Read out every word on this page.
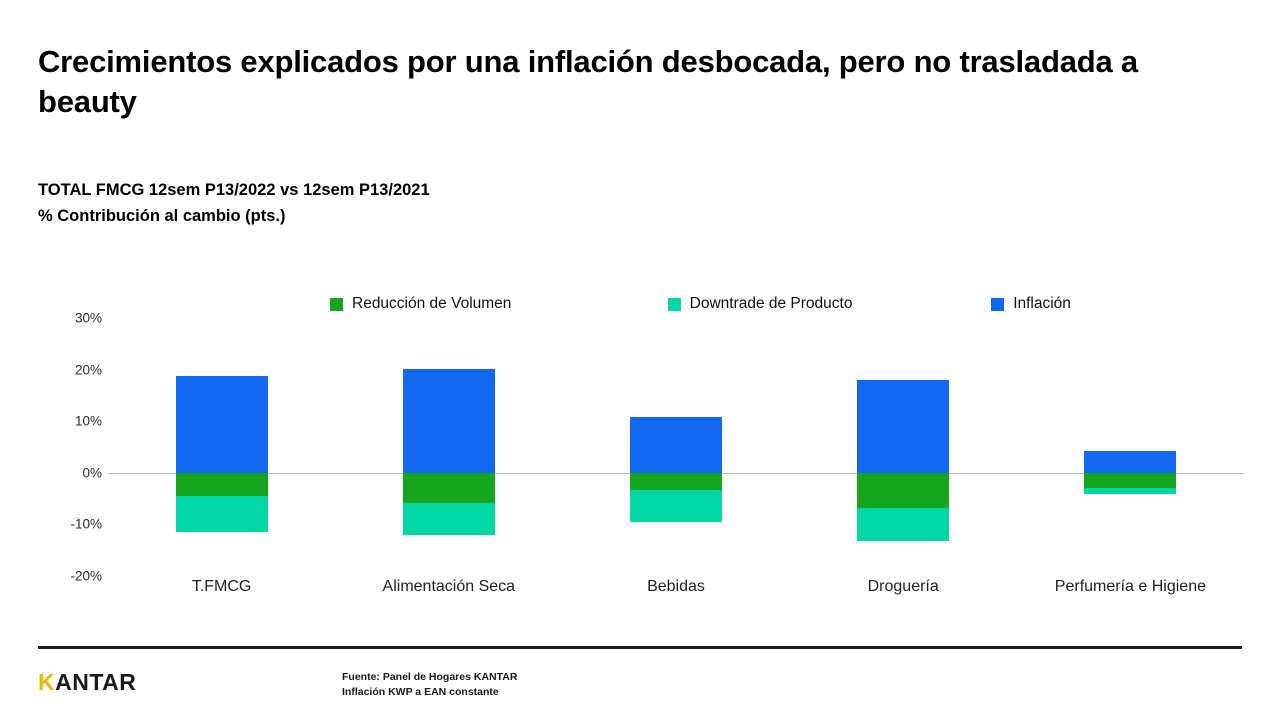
Crecimientos explicados por una inflación desbocada, pero no trasladada a beauty
TOTAL FMCG 12sem P13/2022 vs 12sem P13/2021
% Contribución al cambio (pts.)
Reducción de Volumen	Downtrade de Producto	Inflación
30%
20%
10%
0%
-10%
-20%
T.FMCG	Alimentación Seca	Bebidas	Droguería	Perfumería e Higiene
KANTAR	Fuente: Panel de Hogares KANTAR
Inflación KWP a EAN constante
